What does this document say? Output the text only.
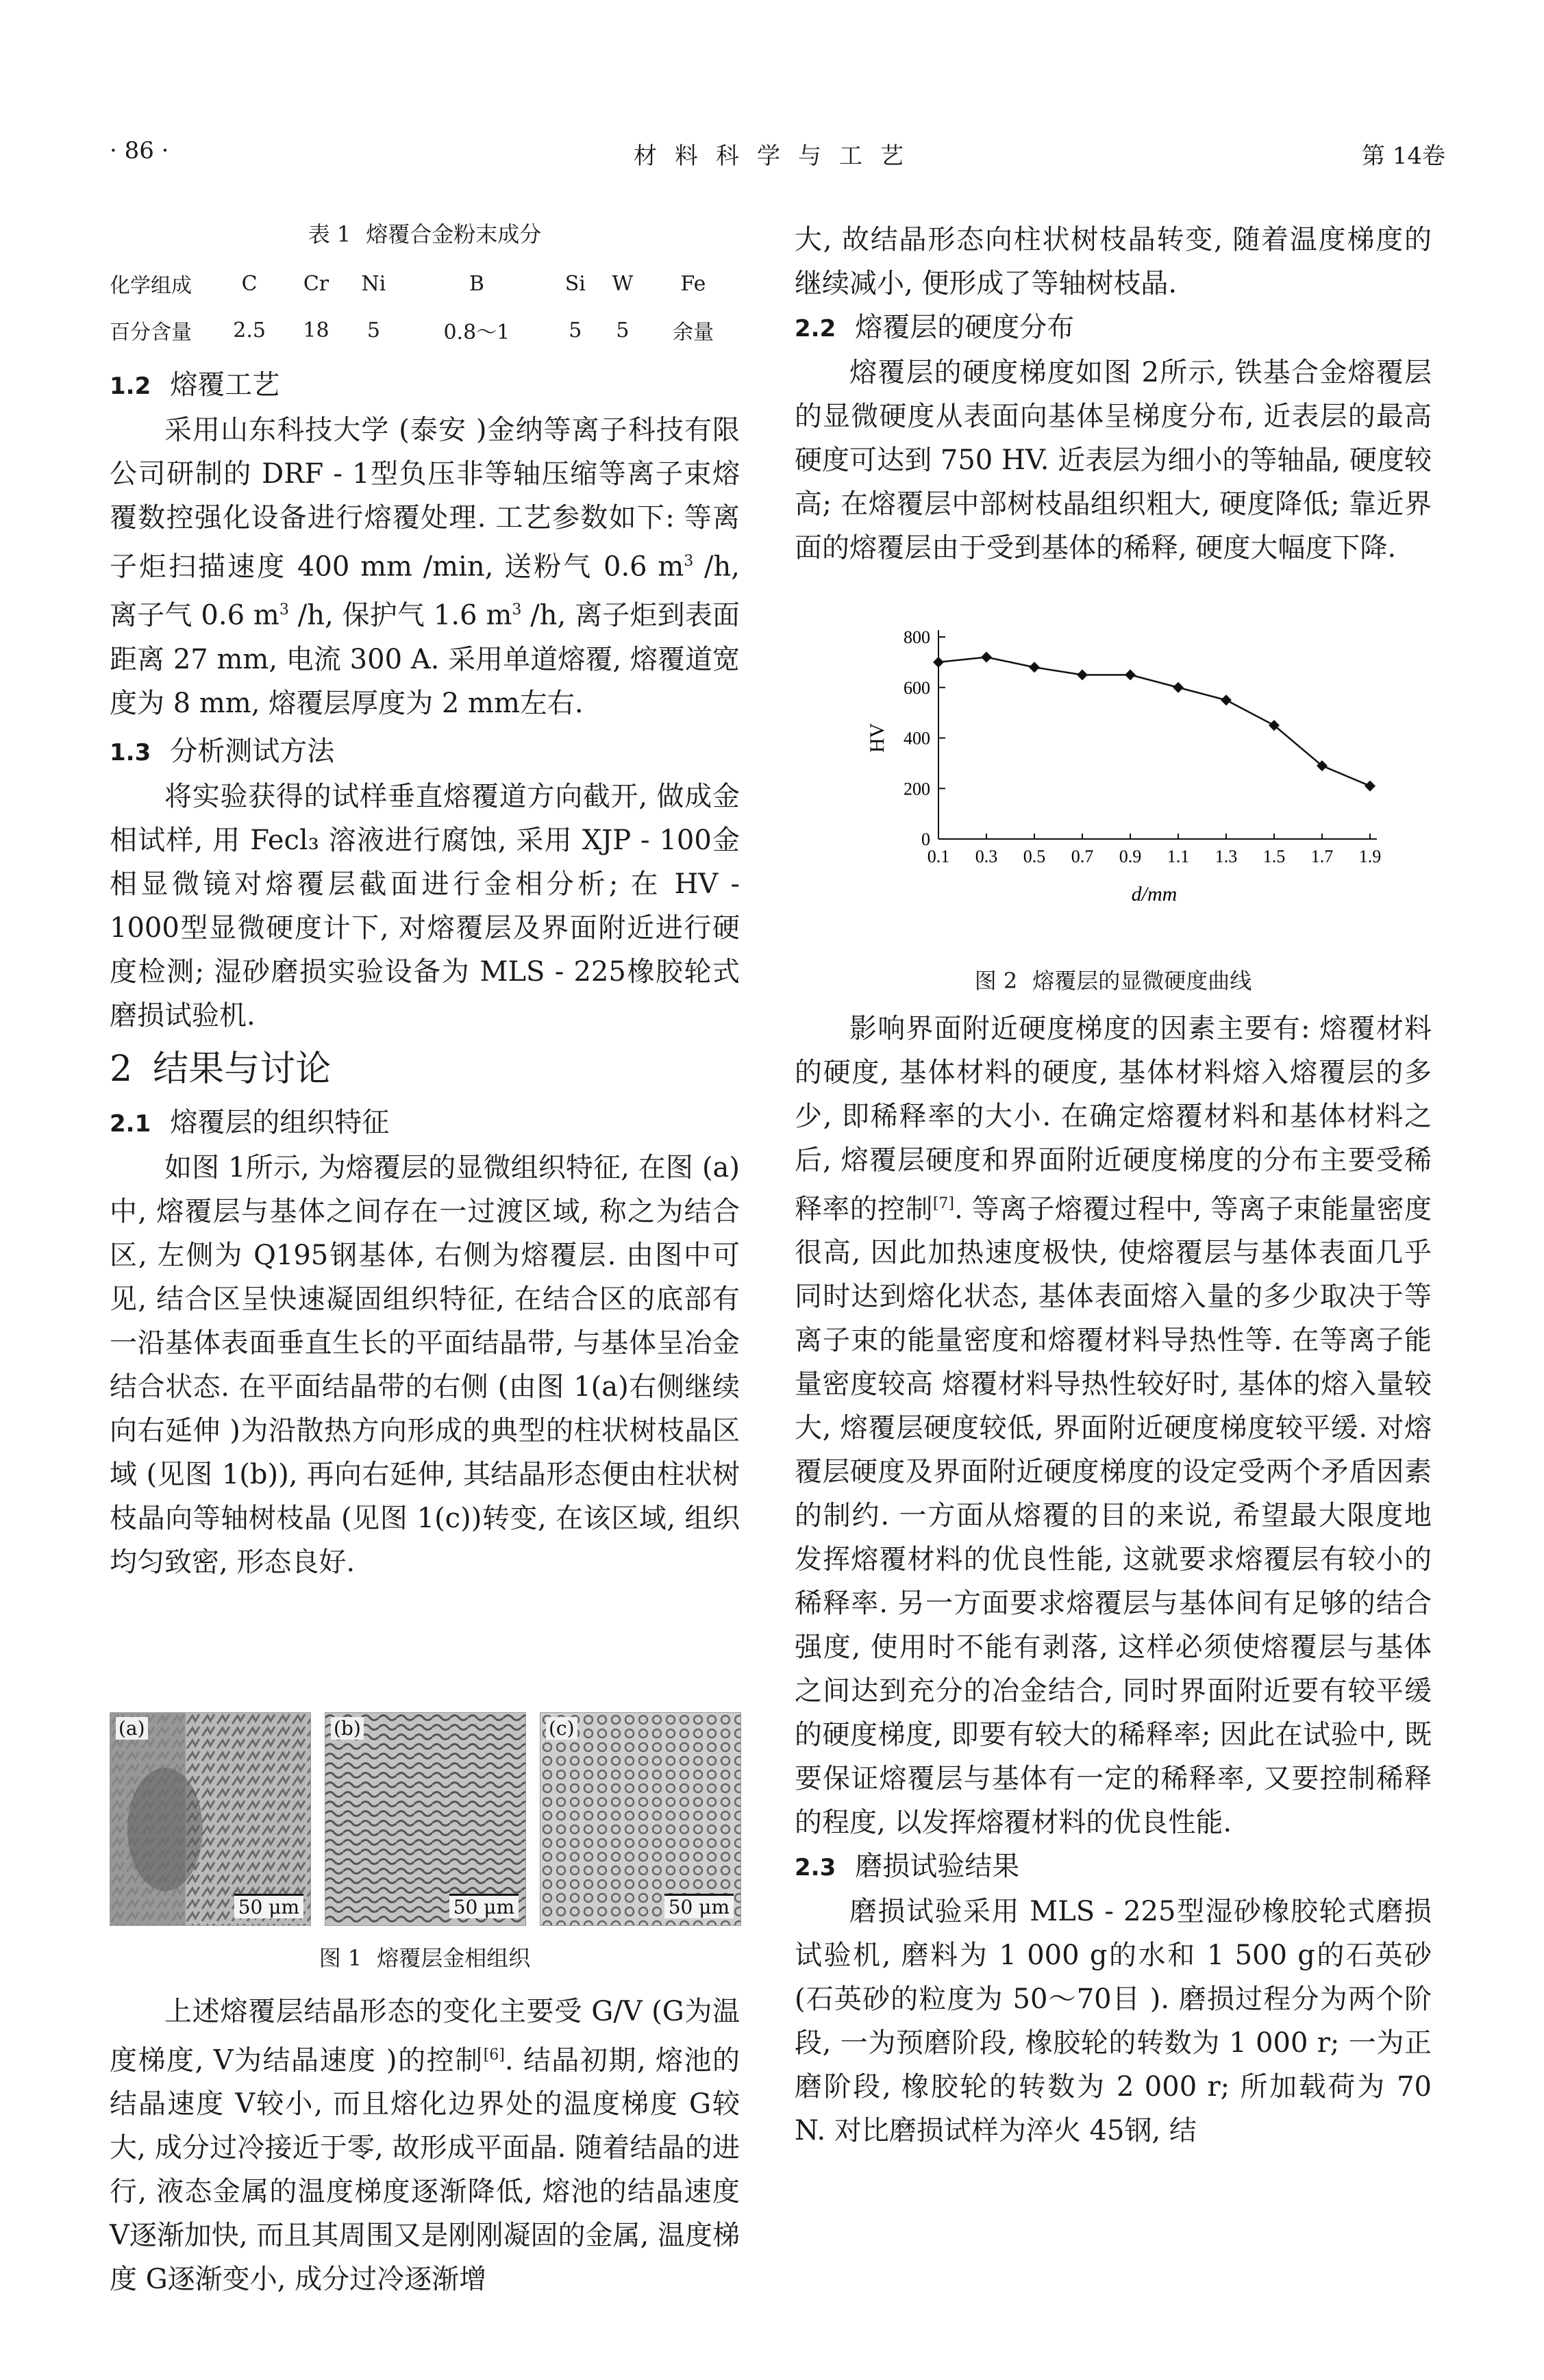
· 86 ·	材料科学与工艺	第 14卷
表 1 熔覆合金粉末成分
化学组成	C	Cr	Ni	B	Si	W	Fe
百分含量	2.5	18	5	0.8～1	5	5	余量

1.2 熔覆工艺

采用山东科技大学 (泰安 )金纳等离子科技有限公司研制的 DRF - 1型负压非等轴压缩等离子束熔覆数控强化设备进行熔覆处理. 工艺参数如下: 等离子炬扫描速度 400 mm /min, 送粉气 0.6 $m^3$ /h, 离子气 0.6 $m^3$ /h, 保护气 1.6 $m^3$ /h, 离子炬到表面距离 27 mm, 电流 300 A. 采用单道熔覆, 熔覆道宽度为 8 mm, 熔覆层厚度为 2 mm左右.

1.3 分析测试方法

将实验获得的试样垂直熔覆道方向截开, 做成金相试样, 用 Fecl₃ 溶液进行腐蚀, 采用 XJP - 100金相显微镜对熔覆层截面进行金相分析; 在 HV - 1000型显微硬度计下, 对熔覆层及界面附近进行硬度检测; 湿砂磨损实验设备为 MLS - 225橡胶轮式磨损试验机.

2 结果与讨论

2.1 熔覆层的组织特征

如图 1所示, 为熔覆层的显微组织特征, 在图 (a)中, 熔覆层与基体之间存在一过渡区域, 称之为结合区, 左侧为 Q195钢基体, 右侧为熔覆层. 由图中可见, 结合区呈快速凝固组织特征, 在结合区的底部有一沿基体表面垂直生长的平面结晶带, 与基体呈冶金结合状态. 在平面结晶带的右侧 (由图 1(a)右侧继续向右延伸 )为沿散热方向形成的典型的柱状树枝晶区域 (见图 1(b)), 再向右延伸, 其结晶形态便由柱状树枝晶向等轴树枝晶 (见图 1(c))转变, 在该区域, 组织均匀致密, 形态良好.

图 1 熔覆层金相组织

上述熔覆层结晶形态的变化主要受 G/V (G为温度梯度, V为结晶速度 )的控制[6]. 结晶初期, 熔池的结晶速度 V较小, 而且熔化边界处的温度梯度 G较大, 成分过冷接近于零, 故形成平面晶. 随着结晶的进行, 液态金属的温度梯度逐渐降低, 熔池的结晶速度 V逐渐加快, 而且其周围又是刚刚凝固的金属, 温度梯度 G逐渐变小, 成分过冷逐渐增

(a)
50 μm
(b)
50 μm
(c)
50 μm

大, 故结晶形态向柱状树枝晶转变, 随着温度梯度的继续减小, 便形成了等轴树枝晶.

2.2 熔覆层的硬度分布

熔覆层的硬度梯度如图 2所示, 铁基合金熔覆层的显微硬度从表面向基体呈梯度分布, 近表层的最高硬度可达到 750 HV. 近表层为细小的等轴晶, 硬度较高; 在熔覆层中部树枝晶组织粗大, 硬度降低; 靠近界面的熔覆层由于受到基体的稀释, 硬度大幅度下降.

图 2 熔覆层的显微硬度曲线

影响界面附近硬度梯度的因素主要有: 熔覆材料的硬度, 基体材料的硬度, 基体材料熔入熔覆层的多少, 即稀释率的大小. 在确定熔覆材料和基体材料之后, 熔覆层硬度和界面附近硬度梯度的分布主要受稀释率的控制[7]. 等离子熔覆过程中, 等离子束能量密度很高, 因此加热速度极快, 使熔覆层与基体表面几乎同时达到熔化状态, 基体表面熔入量的多少取决于等离子束的能量密度和熔覆材料导热性等. 在等离子能量密度较高 熔覆材料导热性较好时, 基体的熔入量较大, 熔覆层硬度较低, 界面附近硬度梯度较平缓. 对熔覆层硬度及界面附近硬度梯度的设定受两个矛盾因素的制约. 一方面从熔覆的目的来说, 希望最大限度地发挥熔覆材料的优良性能, 这就要求熔覆层有较小的稀释率. 另一方面要求熔覆层与基体间有足够的结合强度, 使用时不能有剥落, 这样必须使熔覆层与基体之间达到充分的冶金结合, 同时界面附近要有较平缓的硬度梯度, 即要有较大的稀释率; 因此在试验中, 既要保证熔覆层与基体有一定的稀释率, 又要控制稀释的程度, 以发挥熔覆材料的优良性能.

2.3 磨损试验结果

磨损试验采用 MLS - 225型湿砂橡胶轮式磨损试验机, 磨料为 1 000 g的水和 1 500 g的石英砂 (石英砂的粒度为 50～70目 ). 磨损过程分为两个阶段, 一为预磨阶段, 橡胶轮的转数为 1 000 r; 一为正磨阶段, 橡胶轮的转数为 2 000 r; 所加载荷为 70 N. 对比磨损试样为淬火 45钢, 结

0
200
400
600
800
0.1 0.3 0.5 0.7 0.9 1.1 1.3 1.5 1.7 1.9
HV
d/mm
